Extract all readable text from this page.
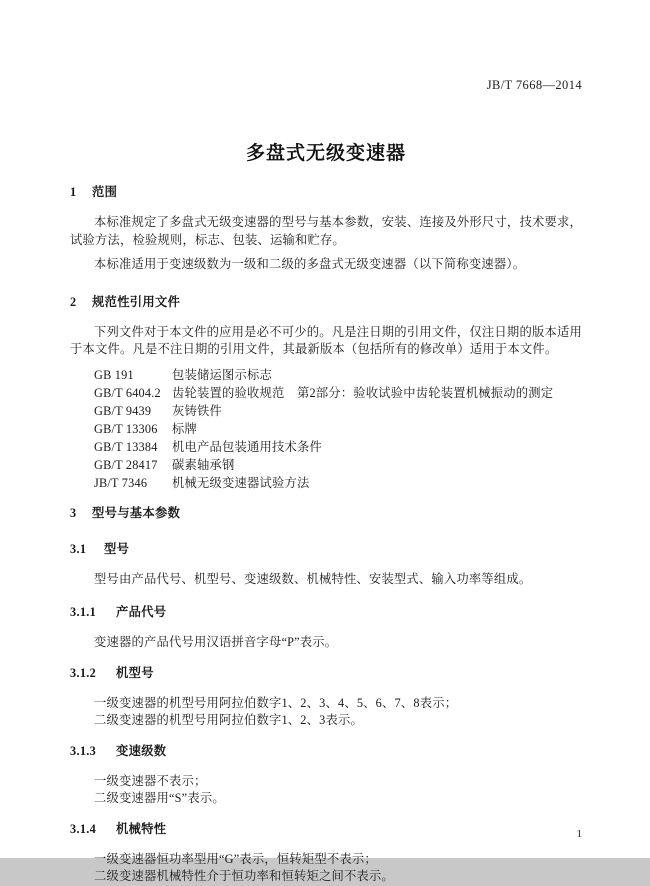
JB/T 7668—2014
多盘式无级变速器
1 范围

本标准规定了多盘式无级变速器的型号与基本参数，安装、连接及外形尺寸，技术要求，试验方法，检验规则，标志、包装、运输和贮存。

本标准适用于变速级数为一级和二级的多盘式无级变速器（以下简称变速器）。

2 规范性引用文件

下列文件对于本文件的应用是必不可少的。凡是注日期的引用文件，仅注日期的版本适用于本文件。凡是不注日期的引用文件，其最新版本（包括所有的修改单）适用于本文件。

GB 191	包装储运图示标志
GB/T 6404.2 齿轮装置的验收规范　第2部分：验收试验中齿轮装置机械振动的测定
GB/T 9439 灰铸铁件
GB/T 13306 标牌
GB/T 13384 机电产品包装通用技术条件
GB/T 28417 碳素轴承钢
JB/T 7346 机械无级变速器试验方法
3 型号与基本参数
3.1 型号

型号由产品代号、机型号、变速级数、机械特性、安装型式、输入功率等组成。

3.1.1 产品代号
变速器的产品代号用汉语拼音字母“P”表示。
3.1.2 机型号
一级变速器的机型号用阿拉伯数字1、2、3、4、5、6、7、8表示；
二级变速器的机型号用阿拉伯数字1、2、3表示。
3.1.3 变速级数
一级变速器不表示；
二级变速器用“S”表示。
3.1.4 机械特性
一级变速器恒功率型用“G”表示，恒转矩型不表示；
二级变速器机械特性介于恒功率和恒转矩之间不表示。
1
